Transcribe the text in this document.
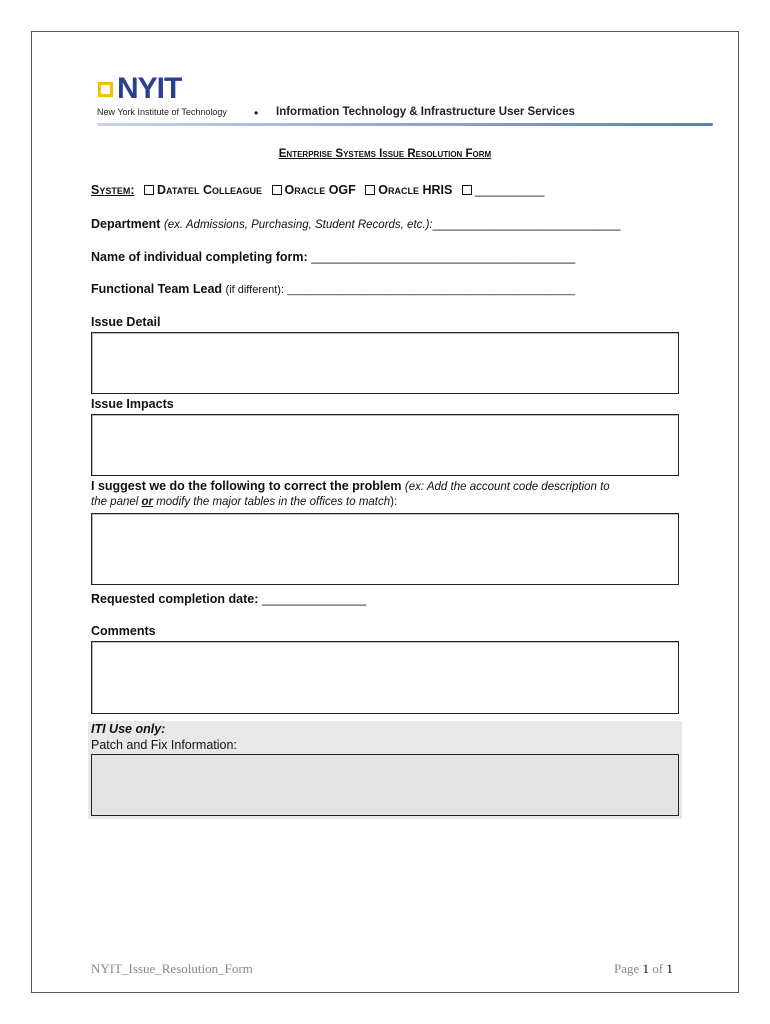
NYIT
New York Institute of Technology • Information Technology & Infrastructure User Services
Enterprise Systems Issue Resolution Form
System: Datatel Colleague Oracle OGF Oracle HRIS __________
Department (ex. Admissions, Purchasing, Student Records, etc.):___________________________
Name of individual completing form: ______________________________________
Functional Team Lead (if different): _______________________________________________
Issue Detail
Issue Impacts
I suggest we do the following to correct the problem (ex: Add the account code description to
the panel or modify the major tables in the offices to match):
Requested completion date: _______________
Comments
ITI Use only:
Patch and Fix Information:
NYIT_Issue_Resolution_Form	Page 1 of 1
